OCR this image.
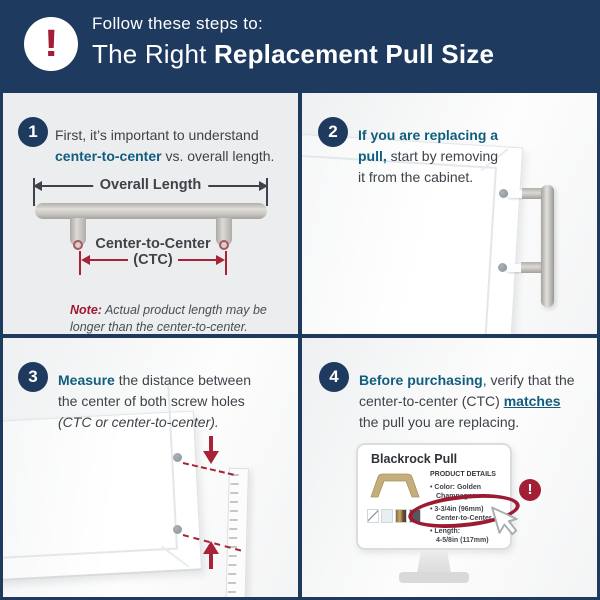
! Follow these steps to:
The Right Replacement Pull Size
1	First, it’s important to understand
center-to-center vs. overall length.

Overall Length
Center-to-Center
(CTC)

Note: Actual product length may be longer than the center-to-center.

2	If you are replacing a
pull, start by removing
it from the cabinet.

3	Measure the distance between
the center of both screw holes
(CTC or center-to-center).

4	Before purchasing, verify that the
center-to-center (CTC) matches
the pull you are replacing.

Blackrock Pull
PRODUCT DETAILS
• Color: Golden
Champagne
• 3-3/4in (96mm)
Center-to-Center
• Length:
4-5/8in (117mm)
!
